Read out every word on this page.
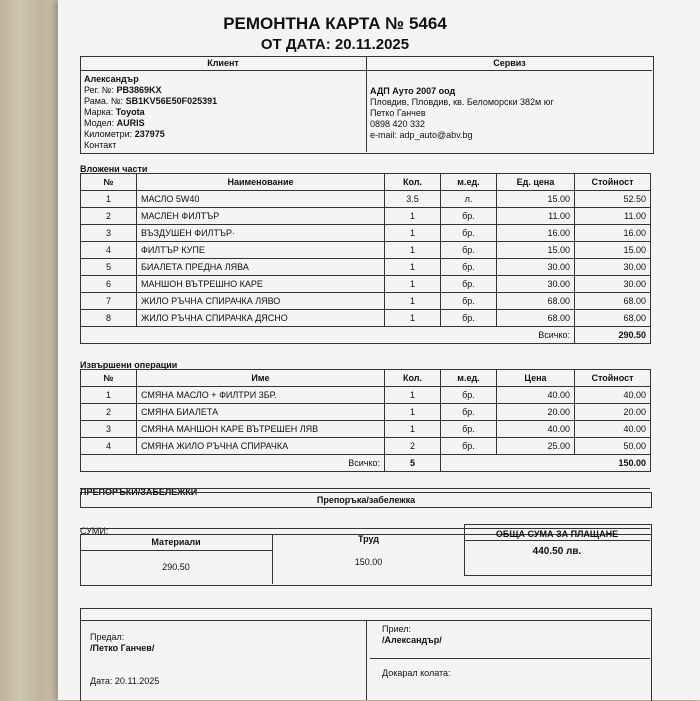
РЕМОНТНА КАРТА № 5464
ОТ ДАТА: 20.11.2025
Клиент	Сервиз
Александър
Рег. №: PB3869KX
Рама. №: SB1KV56E50F025391
Марка: Toyota
Модел: AURIS
Километри: 237975
Контакт
АДП Ауто 2007 оод
Пловдив, Пловдив, кв. Беломорски 382м юг
Петко Ганчев
0898 420 332
e-mail: adp_auto@abv.bg
Вложени части
№	Наименование	Кол.	м.ед.	Ед. цена	Стойност
1	МАСЛО 5W40	3.5	л.	15.00	52.50
2	МАСЛЕН ФИЛТЪР	1	бр.	11.00	11.00
3	ВЪЗДУШЕН ФИЛТЪР·	1	бр.	16.00	16.00
4	ФИЛТЪР КУПЕ	1	бр.	15.00	15.00
5	БИАЛЕТА ПРЕДНА ЛЯВА	1	бр.	30.00	30.00
6	МАНШОН ВЪТРЕШНО КАРЕ	1	бр.	30.00	30.00
7	ЖИЛО РЪЧНА СПИРАЧКА ЛЯВО	1	бр.	68.00	68.00
8	ЖИЛО РЪЧНА СПИРАЧКА ДЯСНО	1	бр.	68.00	68.00
Всичко:					290.50
Извършени операции
№	Име	Кол.	м.ед.	Цена	Стойност
1	СМЯНА МАСЛО + ФИЛТРИ 3БР.	1	бр.	40.00	40.00
2	СМЯНА БИАЛЕТА	1	бр.	20.00	20.00
3	СМЯНА МАНШОН КАРЕ ВЪТРЕШЕН ЛЯВ	1	бр.	40.00	40.00
4	СМЯНА ЖИЛО РЪЧНА СПИРАЧКА	2	бр.	25.00	50.00
Всичко:		5	150.00		
ПРЕПОРЪКИ/ЗАБЕЛЕЖКИ
Препоръка/забележка
СУМИ:
Материали	Труд	ОБЩА СУМА ЗА ПЛАЩАНЕ
290.50	150.00
440.50 лв.
Предал:
/Петко Ганчев/
Приел:
/Александър/
Дата: 20.11.2025
Докарал колата:
